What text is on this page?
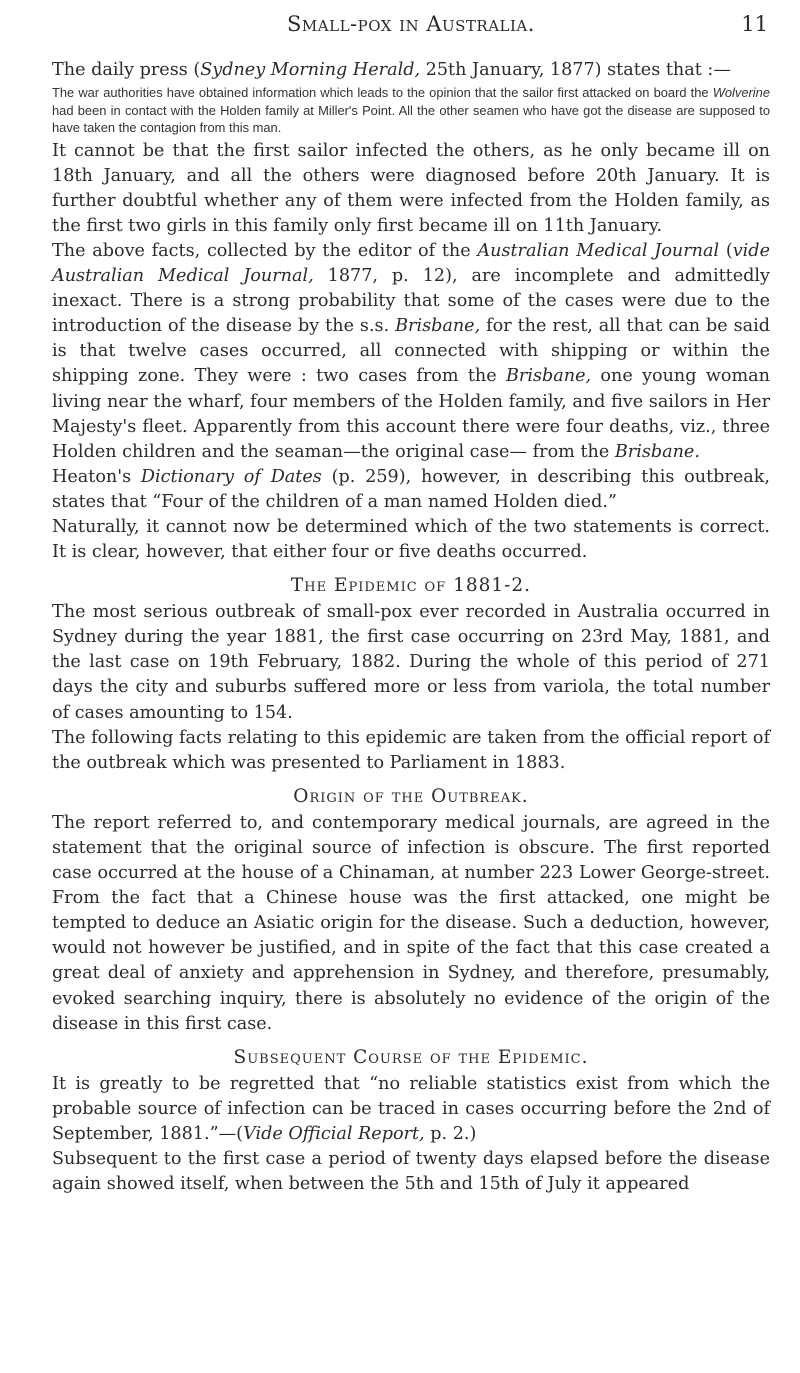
Small-pox in Australia.	11

The daily press (Sydney Morning Herald, 25th January, 1877) states that :—

The war authorities have obtained information which leads to the opinion that the sailor first attacked on board the Wolverine had been in contact with the Holden family at Miller's Point. All the other seamen who have got the disease are supposed to have taken the contagion from this man.

It cannot be that the first sailor infected the others, as he only became ill on 18th January, and all the others were diagnosed before 20th January. It is further doubtful whether any of them were infected from the Holden family, as the first two girls in this family only first became ill on 11th January.

The above facts, collected by the editor of the Australian Medical Journal (vide Australian Medical Journal, 1877, p. 12), are incomplete and admittedly inexact. There is a strong probability that some of the cases were due to the introduction of the disease by the s.s. Brisbane, for the rest, all that can be said is that twelve cases occurred, all connected with shipping or within the shipping zone. They were : two cases from the Brisbane, one young woman living near the wharf, four members of the Holden family, and five sailors in Her Majesty's fleet. Apparently from this account there were four deaths, viz., three Holden children and the seaman—the original case— from the Brisbane.

Heaton's Dictionary of Dates (p. 259), however, in describing this outbreak, states that “Four of the children of a man named Holden died.”

Naturally, it cannot now be determined which of the two statements is correct. It is clear, however, that either four or five deaths occurred.

The Epidemic of 1881-2.

The most serious outbreak of small-pox ever recorded in Australia occurred in Sydney during the year 1881, the first case occurring on 23rd May, 1881, and the last case on 19th February, 1882. During the whole of this period of 271 days the city and suburbs suffered more or less from variola, the total number of cases amounting to 154.

The following facts relating to this epidemic are taken from the official report of the outbreak which was presented to Parliament in 1883.

Origin of the Outbreak.

The report referred to, and contemporary medical journals, are agreed in the statement that the original source of infection is obscure. The first reported case occurred at the house of a Chinaman, at number 223 Lower George-street. From the fact that a Chinese house was the first attacked, one might be tempted to deduce an Asiatic origin for the disease. Such a deduction, however, would not however be justified, and in spite of the fact that this case created a great deal of anxiety and apprehension in Sydney, and therefore, presumably, evoked searching inquiry, there is absolutely no evidence of the origin of the disease in this first case.

Subsequent Course of the Epidemic.

It is greatly to be regretted that “no reliable statistics exist from which the probable source of infection can be traced in cases occurring before the 2nd of September, 1881.”—(Vide Official Report, p. 2.)

Subsequent to the first case a period of twenty days elapsed before the disease again showed itself, when between the 5th and 15th of July it appeared
